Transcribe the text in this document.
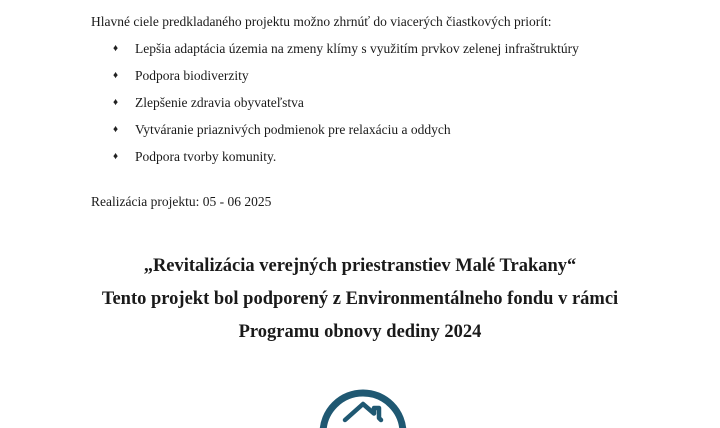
Hlavné ciele predkladaného projektu možno zhrnúť do viacerých čiastkových priorít:
♦	Lepšia adaptácia územia na zmeny klímy s využitím prvkov zelenej infraštruktúry
♦	Podpora biodiverzity
♦	Zlepšenie zdravia obyvateľstva
♦	Vytváranie priaznivých podmienok pre relaxáciu a oddych
♦	Podpora tvorby komunity.
Realizácia projektu: 05 - 06 2025
„Revitalizácia verejných priestranstiev Malé Trakany“
Tento projekt bol podporený z Environmentálneho fondu v rámci
Programu obnovy dediny 2024
